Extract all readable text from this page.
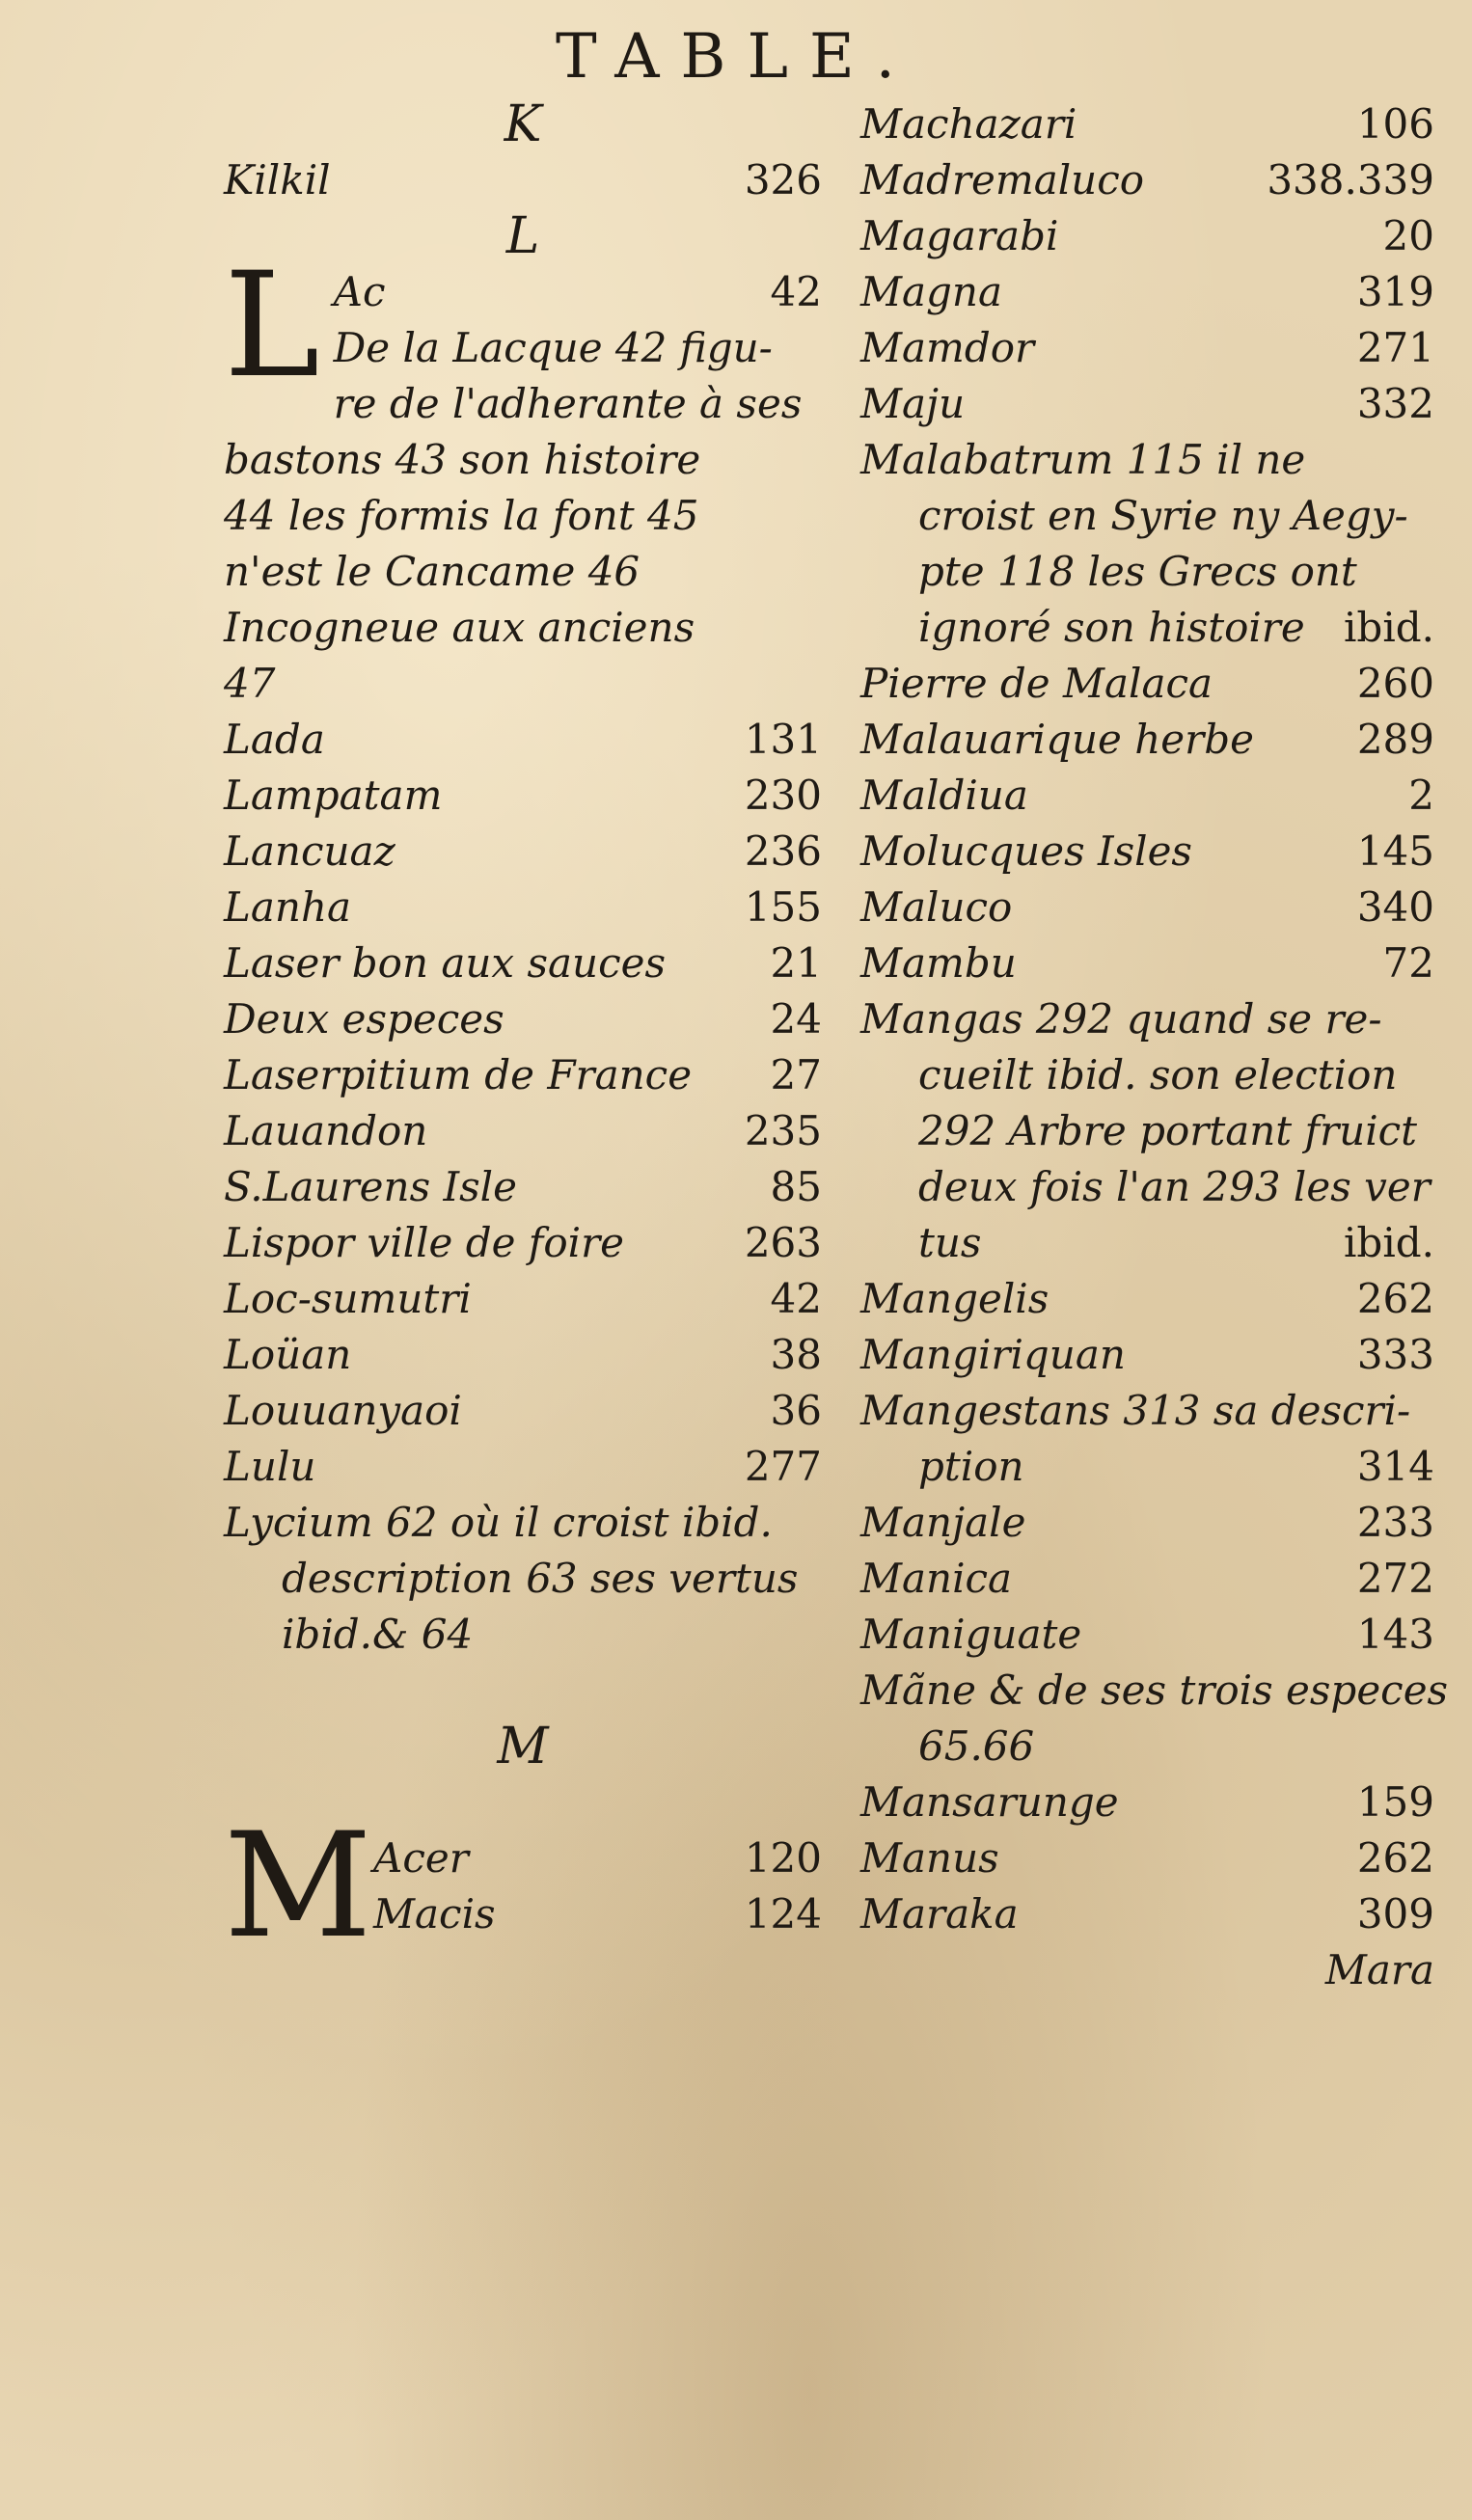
TABLE.
K
Kilkil	326
L
L Ac	42
De la Lacque 42 figu-
re de l'adherante à ses
bastons 43 son histoire
44 les formis la font 45
n'est le Cancame 46
Incogneue aux anciens
47
Lada	131
Lampatam	230
Lancuaz	236
Lanha	155
Laser bon aux sauces	21
Deux especes	24
Laserpitium de France 27
Lauandon	235
S.Laurens Isle	85
Lispor ville de foire	263
Loc-sumutri	42
Loüan	38
Louuanyaoi	36
Lulu	277
Lycium 62 où il croist ibid.
description 63 ses vertus
ibid.& 64
M
M Acer	120
Macis	124
Machazari	106
Madremaluco	338.339
Magarabi	20
Magna	319
Mamdor	271
Maju	332
Malabatrum 115 il ne
croist en Syrie ny Aegy-
pte 118 les Grecs ont
ignoré son histoire ibid.
Pierre de Malaca	260
Malauarique herbe	289
Maldiua	2
Molucques Isles	145
Maluco	340
Mambu	72
Mangas 292 quand se re-
cueilt ibid. son election
292 Arbre portant fruict
deux fois l'an 293 les ver
tus	ibid.
Mangelis	262
Mangiriquan	333
Mangestans 313 sa descri-
ption	314
Manjale	233
Manica	272
Maniguate	143
Mãne & de ses trois especes
65.66
Mansarunge	159
Manus	262
Maraka	309
Mara
